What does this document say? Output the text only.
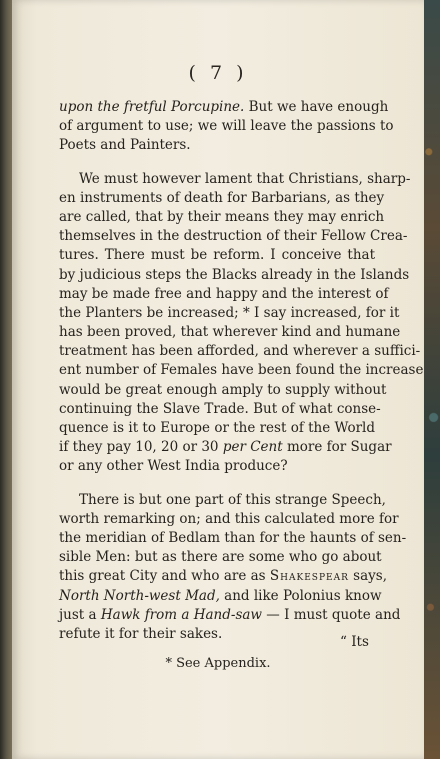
( 7 )
upon the fretful Porcupine. But we have enough
of argument to use; we will leave the passions to
Poets and Painters.
We must however lament that Christians, sharp-
en instruments of death for Barbarians, as they
are called, that by their means they may enrich
themselves in the destruction of their Fellow Crea-
tures. There must be reform. I conceive that
by judicious steps the Blacks already in the Islands
may be made free and happy and the interest of
the Planters be increased; * I say increased, for it
has been proved, that wherever kind and humane
treatment has been afforded, and wherever a suffici-
ent number of Females have been found the increase
would be great enough amply to supply without
continuing the Slave Trade. But of what conse-
quence is it to Europe or the rest of the World
if they pay 10, 20 or 30 per Cent more for Sugar
or any other West India produce?
There is but one part of this strange Speech,
worth remarking on; and this calculated more for
the meridian of Bedlam than for the haunts of sen-
sible Men: but as there are some who go about
this great City and who are as Shakespear says,
North North-west Mad, and like Polonius know
just a Hawk from a Hand-saw — I must quote and
refute it for their sakes.
“ Its
* See Appendix.
